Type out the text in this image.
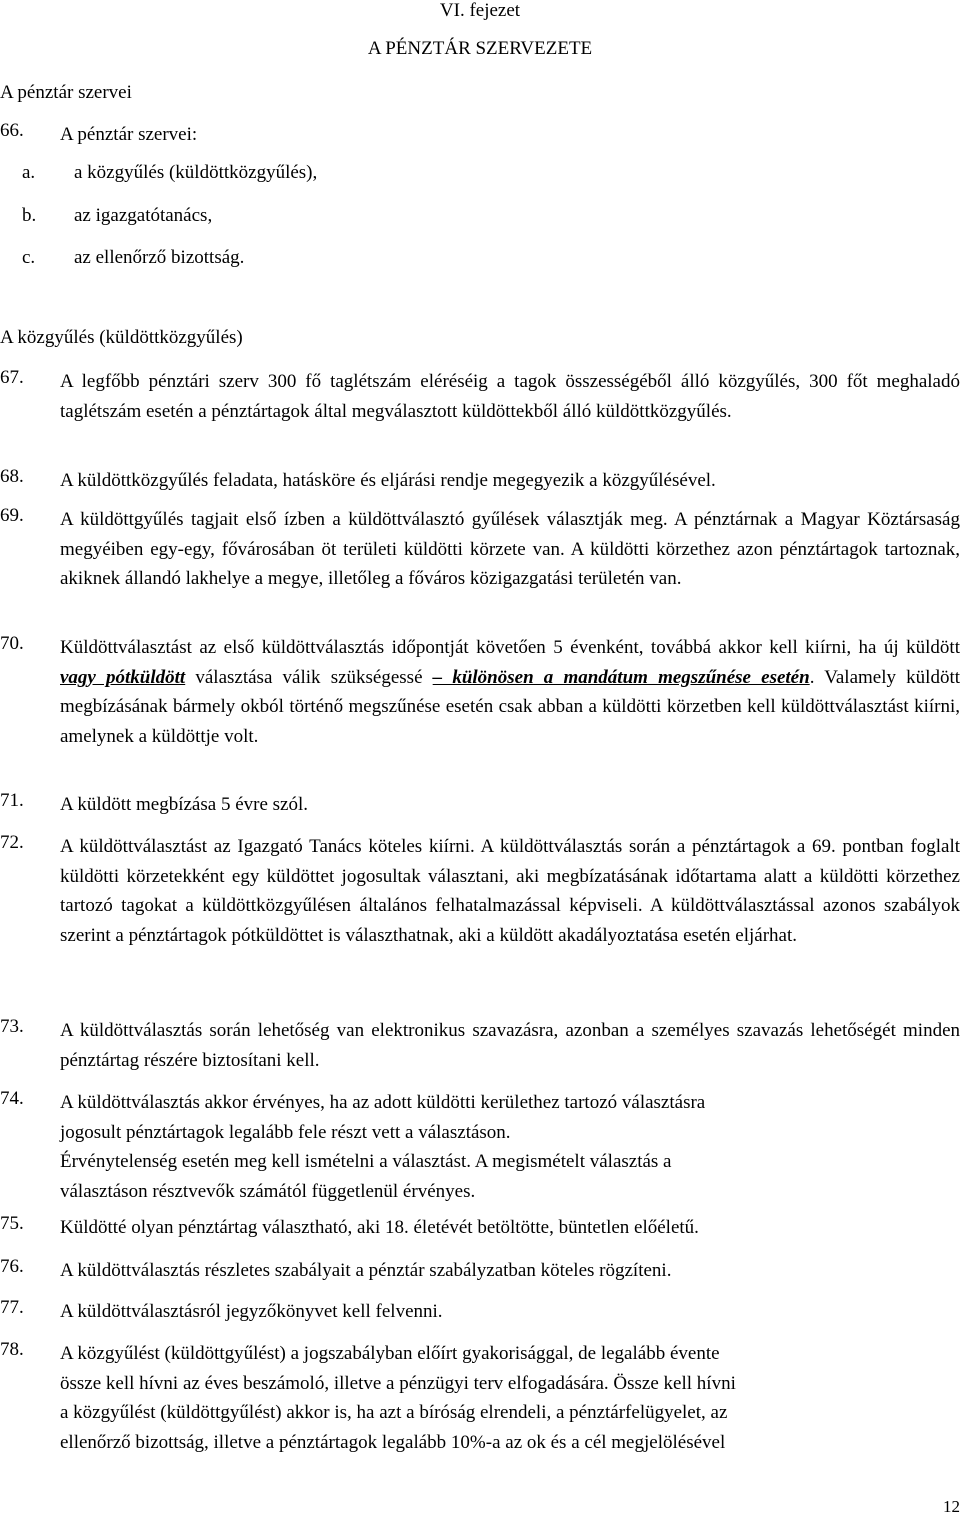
VI. fejezet
A PÉNZTÁR SZERVEZETE
A pénztár szervei
66.	A pénztár szervei:
a. a közgyűlés (küldöttközgyűlés),
b. az igazgatótanács,
c. az ellenőrző bizottság.
A közgyűlés (küldöttközgyűlés)
67.	A legfőbb pénztári szerv 300 fő taglétszám eléréséig a tagok összességéből álló közgyűlés, 300 főt meghaladó taglétszám esetén a pénztártagok által megválasztott küldöttekből álló küldöttközgyűlés.
68.	A küldöttközgyűlés feladata, hatásköre és eljárási rendje megegyezik a közgyűlésével.
69.	A küldöttgyűlés tagjait első ízben a küldöttválasztó gyűlések választják meg. A pénztárnak a Magyar Köztársaság megyéiben egy-egy, fővárosában öt területi küldötti körzete van. A küldötti körzethez azon pénztártagok tartoznak, akiknek állandó lakhelye a megye, illetőleg a főváros közigazgatási területén van.
70.	Küldöttválasztást az első küldöttválasztás időpontját követően 5 évenként, továbbá akkor kell kiírni, ha új küldött vagy pótküldött választása válik szükségessé – különösen a mandátum megszűnése esetén. Valamely küldött megbízásának bármely okból történő megszűnése esetén csak abban a küldötti körzetben kell küldöttválasztást kiírni, amelynek a küldöttje volt.
71.	A küldött megbízása 5 évre szól.
72.	A küldöttválasztást az Igazgató Tanács köteles kiírni. A küldöttválasztás során a pénztártagok a 69. pontban foglalt küldötti körzetekként egy küldöttet jogosultak választani, aki megbízatásának időtartama alatt a küldötti körzethez tartozó tagokat a küldöttközgyűlésen általános felhatalmazással képviseli. A küldöttválasztással azonos szabályok szerint a pénztártagok pótküldöttet is választhatnak, aki a küldött akadályoztatása esetén eljárhat.
73.	A küldöttválasztás során lehetőség van elektronikus szavazásra, azonban a személyes szavazás lehetőségét minden pénztártag részére biztosítani kell.
74.	A küldöttválasztás akkor érvényes, ha az adott küldötti kerülethez tartozó választásra
jogosult pénztártagok legalább fele részt vett a választáson.
Érvénytelenség esetén meg kell ismételni a választást. A megismételt választás a
választáson résztvevők számától függetlenül érvényes.
75.	Küldötté olyan pénztártag választható, aki 18. életévét betöltötte, büntetlen előéletű.
76.	A küldöttválasztás részletes szabályait a pénztár szabályzatban köteles rögzíteni.
77.	A küldöttválasztásról jegyzőkönyvet kell felvenni.
78.	A közgyűlést (küldöttgyűlést) a jogszabályban előírt gyakorisággal, de legalább évente
össze kell hívni az éves beszámoló, illetve a pénzügyi terv elfogadására. Össze kell hívni
a közgyűlést (küldöttgyűlést) akkor is, ha azt a bíróság elrendeli, a pénztárfelügyelet, az
ellenőrző bizottság, illetve a pénztártagok legalább 10%-a az ok és a cél megjelölésével
12
